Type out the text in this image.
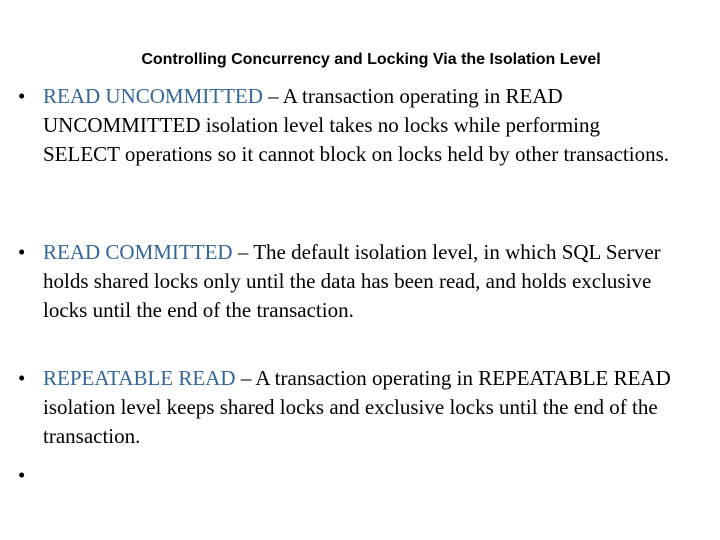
Controlling Concurrency and Locking Via the Isolation Level
• READ UNCOMMITTED – A transaction operating in READ UNCOMMITTED isolation level takes no locks while performing SELECT operations so it cannot block on locks held by other transactions.
• READ COMMITTED – The default isolation level, in which SQL Server holds shared locks only until the data has been read, and holds exclusive locks until the end of the transaction.
• REPEATABLE READ – A transaction operating in REPEATABLE READ isolation level keeps shared locks and exclusive locks until the end of the transaction.
•
